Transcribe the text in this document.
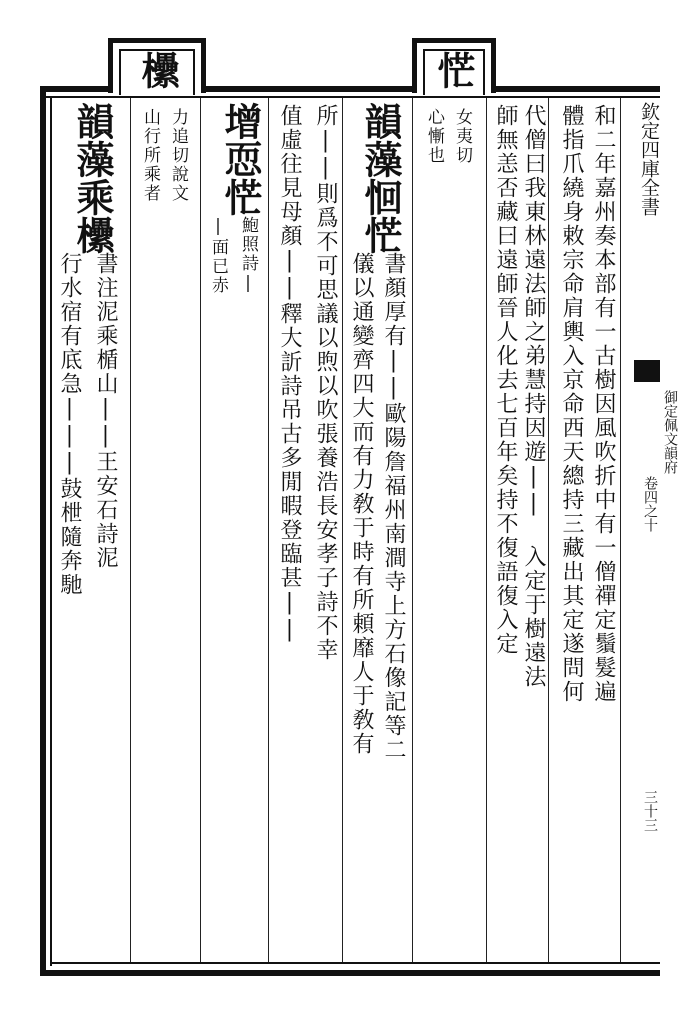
欙	恾
欽定四庫全書
御定佩文韻府
卷四之十
三十三
和二年嘉州奏本部有一古樹因風吹折中有一僧禪定鬚髮遍
體指爪繞身敕宗命肩輿入京命西天總持三藏出其定遂問何
代僧曰我東林遠法師之弟慧持因遊|| 入定于樹遠法
師無恙否藏曰遠師晉人化去七百年矣持不復語復入定
女夷切
心慚也
韻藻恛恾
書顏厚有||歐陽詹福州南澗寺上方石像記等二
儀以通變齊四大而有力敎于時有所頼靡人于敎有
所||則爲不可思議以煦以吹張養浩長安孝子詩不幸
值虛往見母顏||釋大訢詩吊古多閒暇登臨甚||
增恧恾
鮑照詩|
|面已赤
力追切說文
山行所乘者
韻藻乘欙
書注泥乘楯山||王安石詩泥
行水宿有底急|||鼓枻隨奔馳
